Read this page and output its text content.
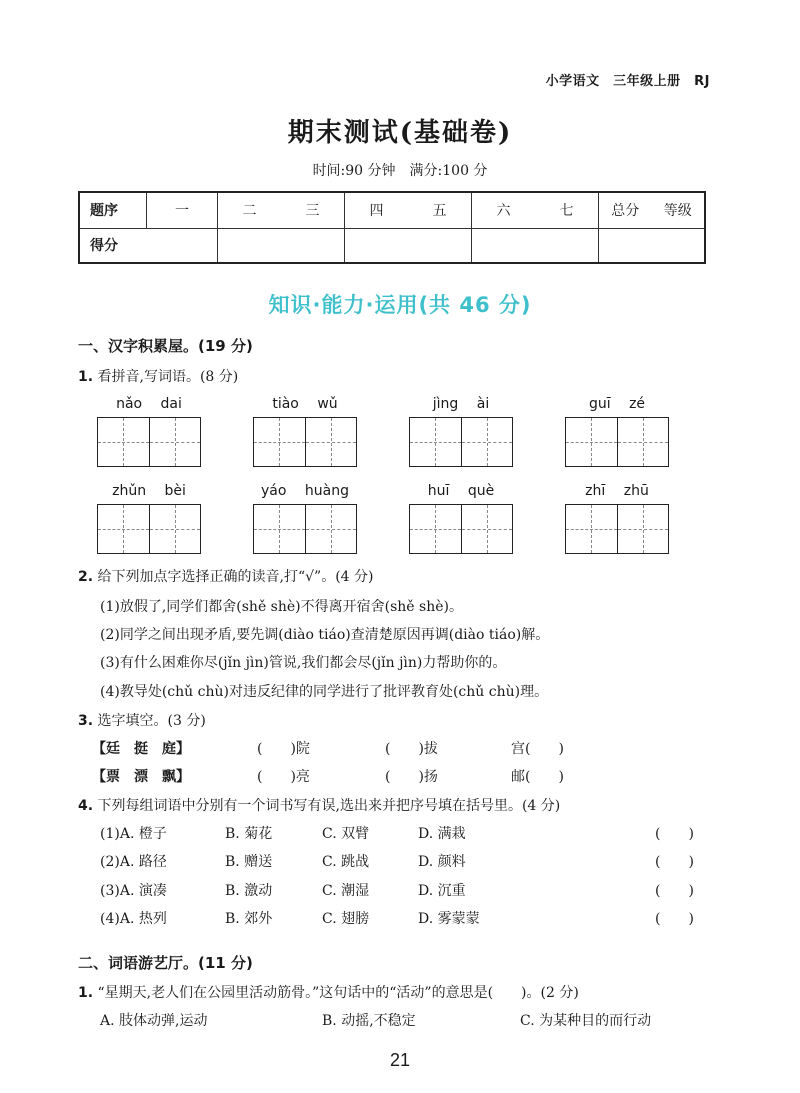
小学语文　三年级上册　RJ
期末测试(基础卷)
时间:90 分钟　满分:100 分
题序	一	二 三	四 五	六 七	总分 等级

得分					
知识·能力·运用(共 46 分)
一、汉字积累屋。(19 分)
1. 看拼音,写词语。(8 分)
nǎo dai	tiào wǔ	jìng ài	guī zé
zhǔn bèi	yáo huàng	huī què	zhī zhū
2. 给下列加点字选择正确的读音,打“√”。(4 分)
(1)放假了,同学们都舍(shě shè)不得离开宿舍(shě shè)。
(2)同学之间出现矛盾,要先调(diào tiáo)查清楚原因再调(diào tiáo)解。
(3)有什么困难你尽(jǐn jìn)管说,我们都会尽(jǐn jìn)力帮助你的。
(4)教导处(chǔ chù)对违反纪律的同学进行了批评教育处(chǔ chù)理。
3. 选字填空。(3 分)
【廷　挺　庭】	(　　)院	(　　)拔	宫(　　)
【票　漂　飘】	(　　)亮	(　　)扬	邮(　　)
4. 下列每组词语中分别有一个词书写有误,选出来并把序号填在括号里。(4 分)
(1)A. 橙子	B. 菊花	C. 双臂	D. 满栽	(　　)
(2)A. 路径	B. 赠送	C. 跳战	D. 颜料	(　　)
(3)A. 演凑	B. 激动	C. 潮湿	D. 沉重	(　　)
(4)A. 热列	B. 郊外	C. 翅膀	D. 雾蒙蒙	(　　)
二、词语游艺厅。(11 分)
1. “星期天,老人们在公园里活动筋骨。”这句话中的“活动”的意思是(　　)。(2 分)
A. 肢体动弹,运动	B. 动摇,不稳定	C. 为某种目的而行动
21
